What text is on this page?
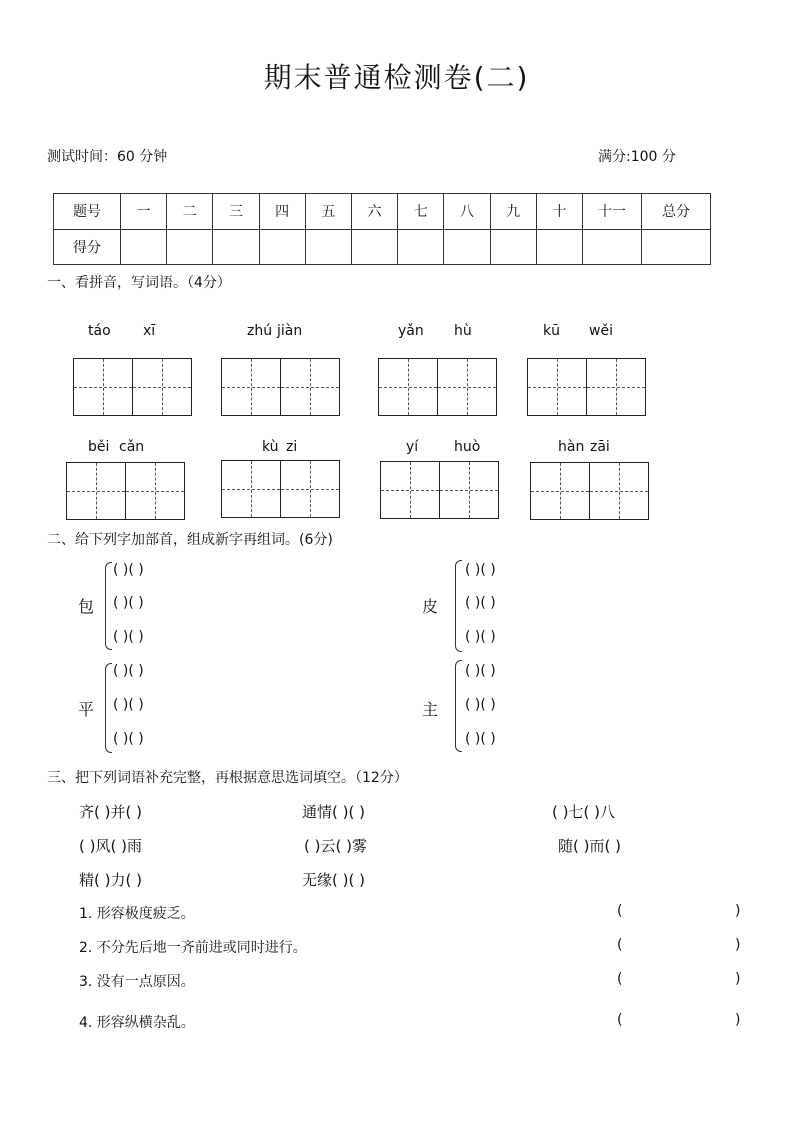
期末普通检测卷(二)
测试时间：60 分钟	满分:100 分
题号	一	二	三	四	五	六	七	八	九	十	十一	总分
得分												
一、看拼音，写词语。（4分）
táo xī	zhú jiàn	yǎn hù	kū wěi
běi cǎn	kù zi	yí	huò	hàn zāi
二、给下列字加部首，组成新字再组词。(6分)
包
( )( )
( )( )
( )( )
皮
( )( )
( )( )
( )( )
平
( )( )
( )( )
( )( )
主
( )( )
( )( )
( )( )
三、把下列词语补充完整，再根据意思选词填空。（12分）
齐( )并( )	通情( )( )	( )七( )八
( )风( )雨	( )云( )雾	随( )而( )
精( )力( )	无缘( )( )
1. 形容极度疲乏。	(	)
2. 不分先后地一齐前进或同时进行。	(	)
3. 没有一点原因。	(	)
4. 形容纵横杂乱。	(	)
